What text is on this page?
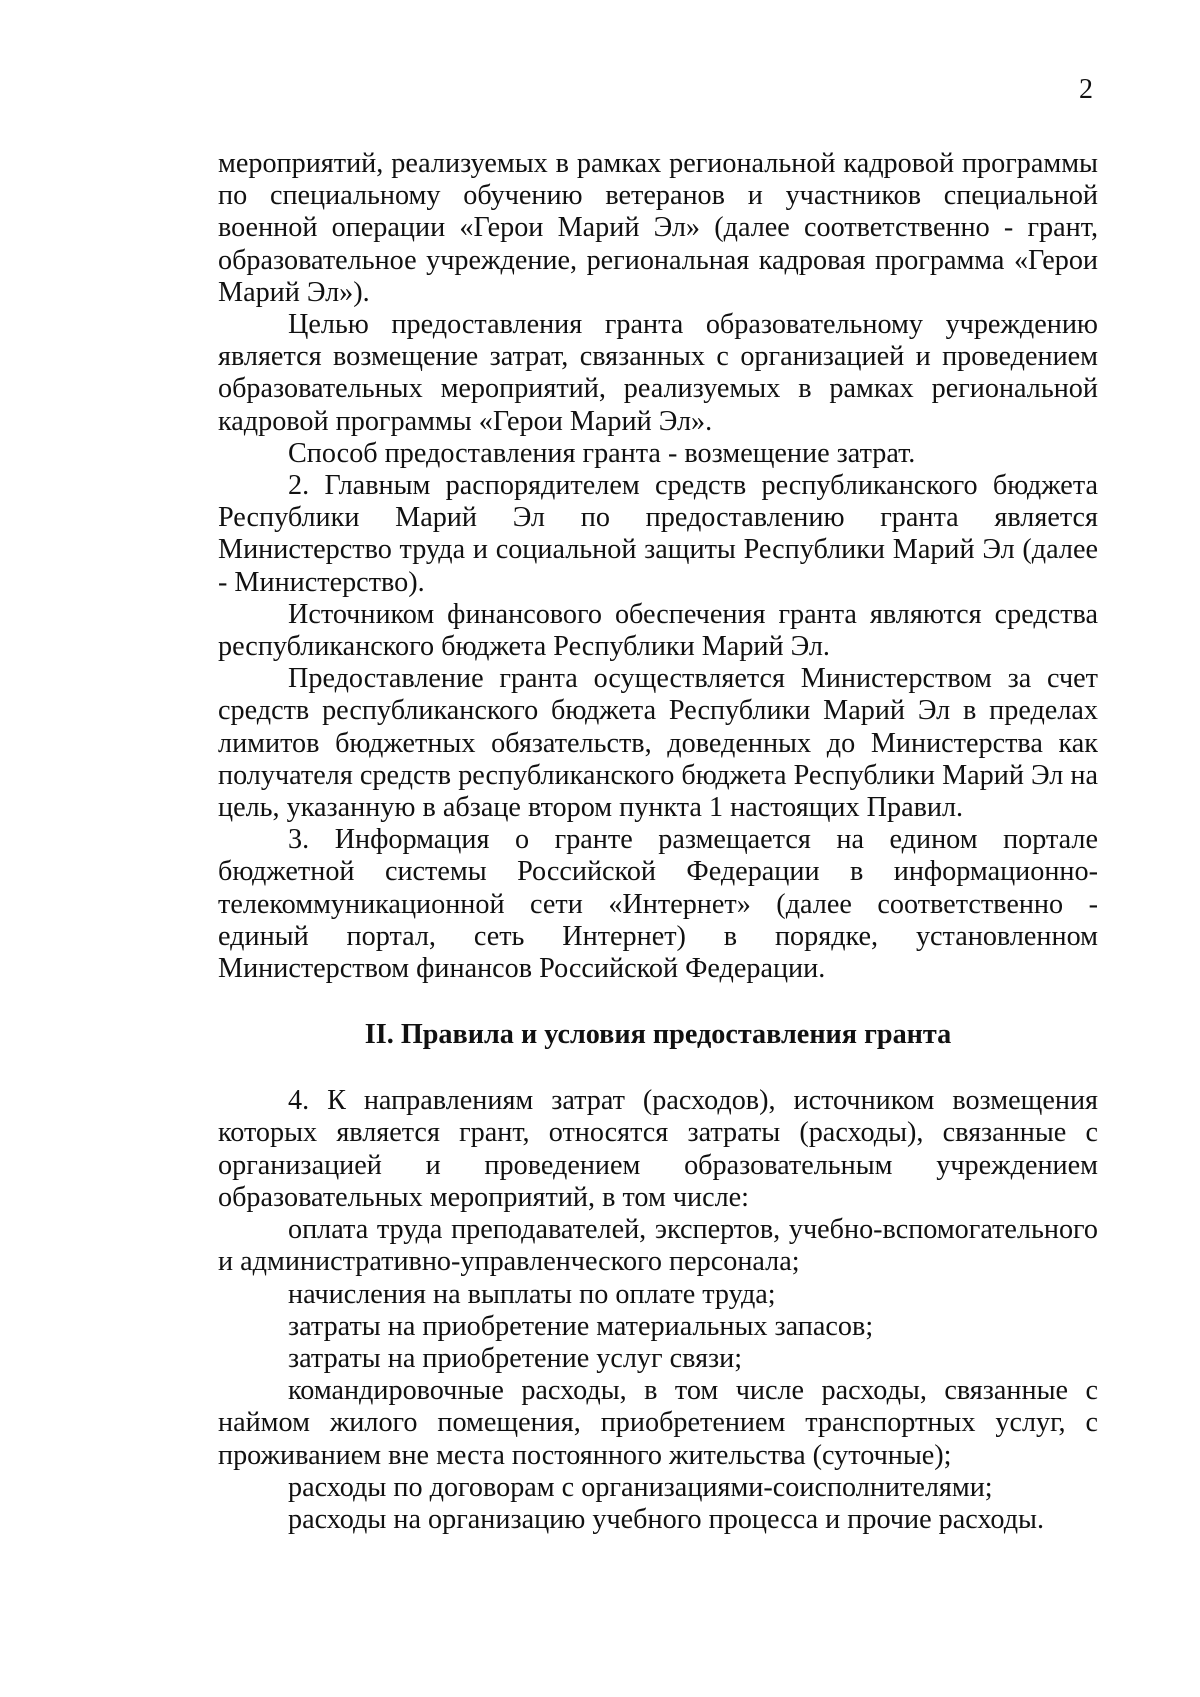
2

мероприятий, реализуемых в рамках региональной кадровой программы по специальному обучению ветеранов и участников специальной военной операции «Герои Марий Эл» (далее соответственно - грант, образовательное учреждение, региональная кадровая программа «Герои Марий Эл»).

Целью предоставления гранта образовательному учреждению является возмещение затрат, связанных с организацией и проведением образовательных мероприятий, реализуемых в рамках региональной кадровой программы «Герои Марий Эл».

Способ предоставления гранта - возмещение затрат.

2. Главным распорядителем средств республиканского бюджета Республики Марий Эл по предоставлению гранта является Министерство труда и социальной защиты Республики Марий Эл (далее - Министерство).

Источником финансового обеспечения гранта являются средства республиканского бюджета Республики Марий Эл.

Предоставление гранта осуществляется Министерством за счет средств республиканского бюджета Республики Марий Эл в пределах лимитов бюджетных обязательств, доведенных до Министерства как получателя средств республиканского бюджета Республики Марий Эл на цель, указанную в абзаце втором пункта 1 настоящих Правил.

3. Информация о гранте размещается на едином портале бюджетной системы Российской Федерации в информационно-телекоммуникационной сети «Интернет» (далее соответственно - единый портал, сеть Интернет) в порядке, установленном Министерством финансов Российской Федерации.

II. Правила и условия предоставления гранта

4. К направлениям затрат (расходов), источником возмещения которых является грант, относятся затраты (расходы), связанные с организацией и проведением образовательным учреждением образовательных мероприятий, в том числе:

оплата труда преподавателей, экспертов, учебно-вспомогательного и административно-управленческого персонала;

начисления на выплаты по оплате труда;

затраты на приобретение материальных запасов;

затраты на приобретение услуг связи;

командировочные расходы, в том числе расходы, связанные с наймом жилого помещения, приобретением транспортных услуг, с проживанием вне места постоянного жительства (суточные);

расходы по договорам с организациями-соисполнителями;

расходы на организацию учебного процесса и прочие расходы.
